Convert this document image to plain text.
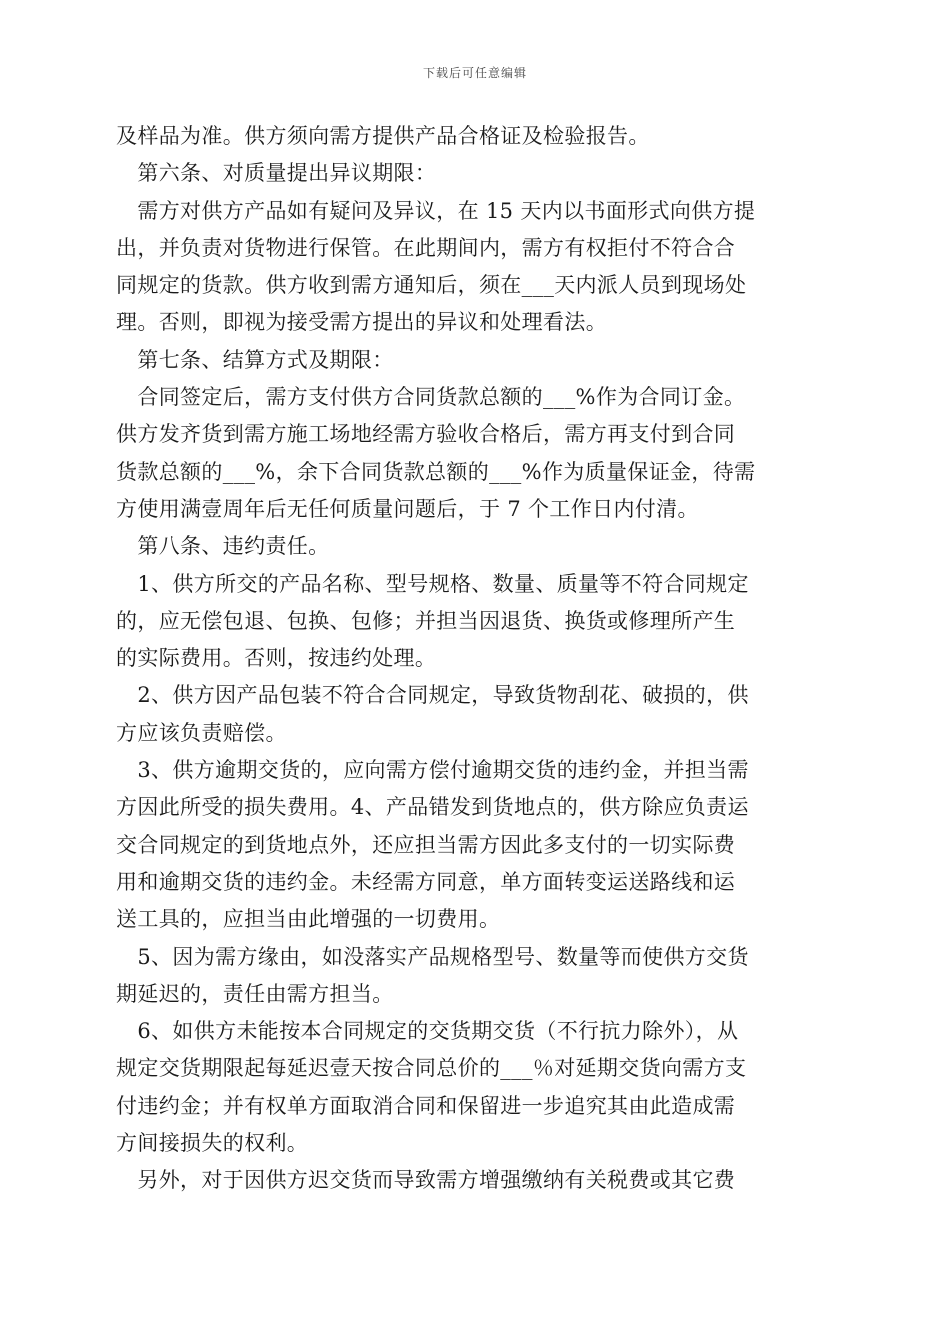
下载后可任意编辑
及样品为准。供方须向需方提供产品合格证及检验报告。
　第六条、对质量提出异议期限：
　需方对供方产品如有疑问及异议，在 15 天内以书面形式向供方提
出，并负责对货物进行保管。在此期间内，需方有权拒付不符合合
同规定的货款。供方收到需方通知后，须在___天内派人员到现场处
理。否则，即视为接受需方提出的异议和处理看法。
　第七条、结算方式及期限：
　合同签定后，需方支付供方合同货款总额的___%作为合同订金。
供方发齐货到需方施工场地经需方验收合格后，需方再支付到合同
货款总额的___%，余下合同货款总额的___%作为质量保证金，待需
方使用满壹周年后无任何质量问题后，于 7 个工作日内付清。
　第八条、违约责任。
　1、供方所交的产品名称、型号规格、数量、质量等不符合同规定
的，应无偿包退、包换、包修；并担当因退货、换货或修理所产生
的实际费用。否则，按违约处理。
　2、供方因产品包装不符合合同规定，导致货物刮花、破损的，供
方应该负责赔偿。
　3、供方逾期交货的，应向需方偿付逾期交货的违约金，并担当需
方因此所受的损失费用。4、产品错发到货地点的，供方除应负责运
交合同规定的到货地点外，还应担当需方因此多支付的一切实际费
用和逾期交货的违约金。未经需方同意，单方面转变运送路线和运
送工具的，应担当由此增强的一切费用。
　5、因为需方缘由，如没落实产品规格型号、数量等而使供方交货
期延迟的，责任由需方担当。
　6、如供方未能按本合同规定的交货期交货（不行抗力除外），从
规定交货期限起每延迟壹天按合同总价的___％对延期交货向需方支
付违约金；并有权单方面取消合同和保留进一步追究其由此造成需
方间接损失的权利。
　另外，对于因供方迟交货而导致需方增强缴纳有关税费或其它费
